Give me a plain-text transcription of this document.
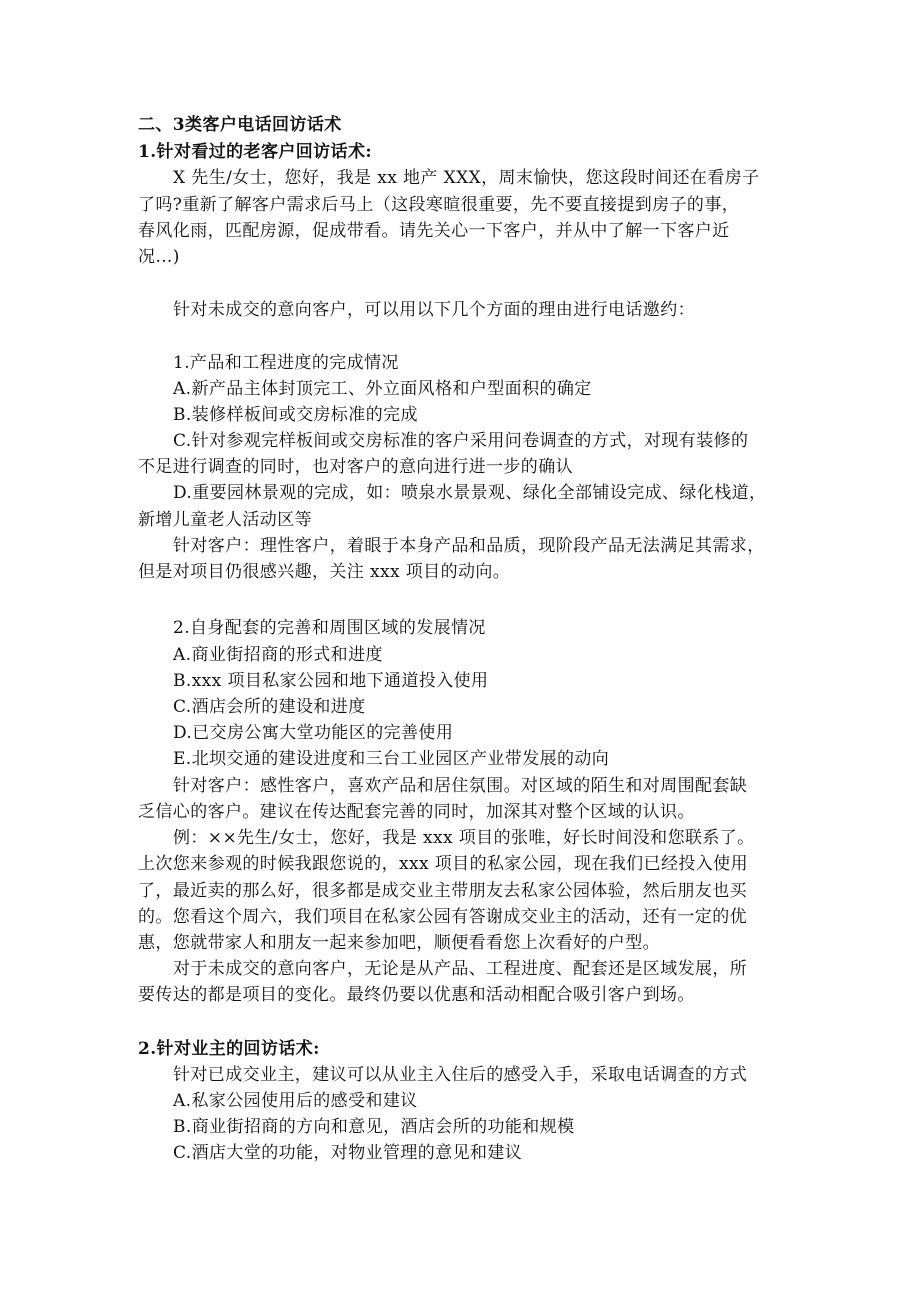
二、3类客户电话回访话术
1.针对看过的老客户回访话术:
X 先生/女士，您好，我是 xx 地产 XXX，周末愉快，您这段时间还在看房子
了吗?重新了解客户需求后马上（这段寒暄很重要，先不要直接提到房子的事，
春风化雨，匹配房源，促成带看。请先关心一下客户，并从中了解一下客户近
况…)
针对未成交的意向客户，可以用以下几个方面的理由进行电话邀约：
1.产品和工程进度的完成情况
A.新产品主体封顶完工、外立面风格和户型面积的确定
B.装修样板间或交房标准的完成
C.针对参观完样板间或交房标准的客户采用问卷调查的方式，对现有装修的
不足进行调查的同时，也对客户的意向进行进一步的确认
D.重要园林景观的完成，如：喷泉水景景观、绿化全部铺设完成、绿化栈道，
新增儿童老人活动区等
针对客户：理性客户，着眼于本身产品和品质，现阶段产品无法满足其需求，
但是对项目仍很感兴趣，关注 xxx 项目的动向。
2.自身配套的完善和周围区域的发展情况
A.商业街招商的形式和进度
B.xxx 项目私家公园和地下通道投入使用
C.酒店会所的建设和进度
D.已交房公寓大堂功能区的完善使用
E.北坝交通的建设进度和三台工业园区产业带发展的动向
针对客户：感性客户，喜欢产品和居住氛围。对区域的陌生和对周围配套缺
乏信心的客户。建议在传达配套完善的同时，加深其对整个区域的认识。
例：××先生/女士，您好，我是 xxx 项目的张唯，好长时间没和您联系了。
上次您来参观的时候我跟您说的，xxx 项目的私家公园，现在我们已经投入使用
了，最近卖的那么好，很多都是成交业主带朋友去私家公园体验，然后朋友也买
的。您看这个周六，我们项目在私家公园有答谢成交业主的活动，还有一定的优
惠，您就带家人和朋友一起来参加吧，顺便看看您上次看好的户型。
对于未成交的意向客户，无论是从产品、工程进度、配套还是区域发展，所
要传达的都是项目的变化。最终仍要以优惠和活动相配合吸引客户到场。
2.针对业主的回访话术:
针对已成交业主，建议可以从业主入住后的感受入手，采取电话调查的方式
A.私家公园使用后的感受和建议
B.商业街招商的方向和意见，酒店会所的功能和规模
C.酒店大堂的功能，对物业管理的意见和建议
